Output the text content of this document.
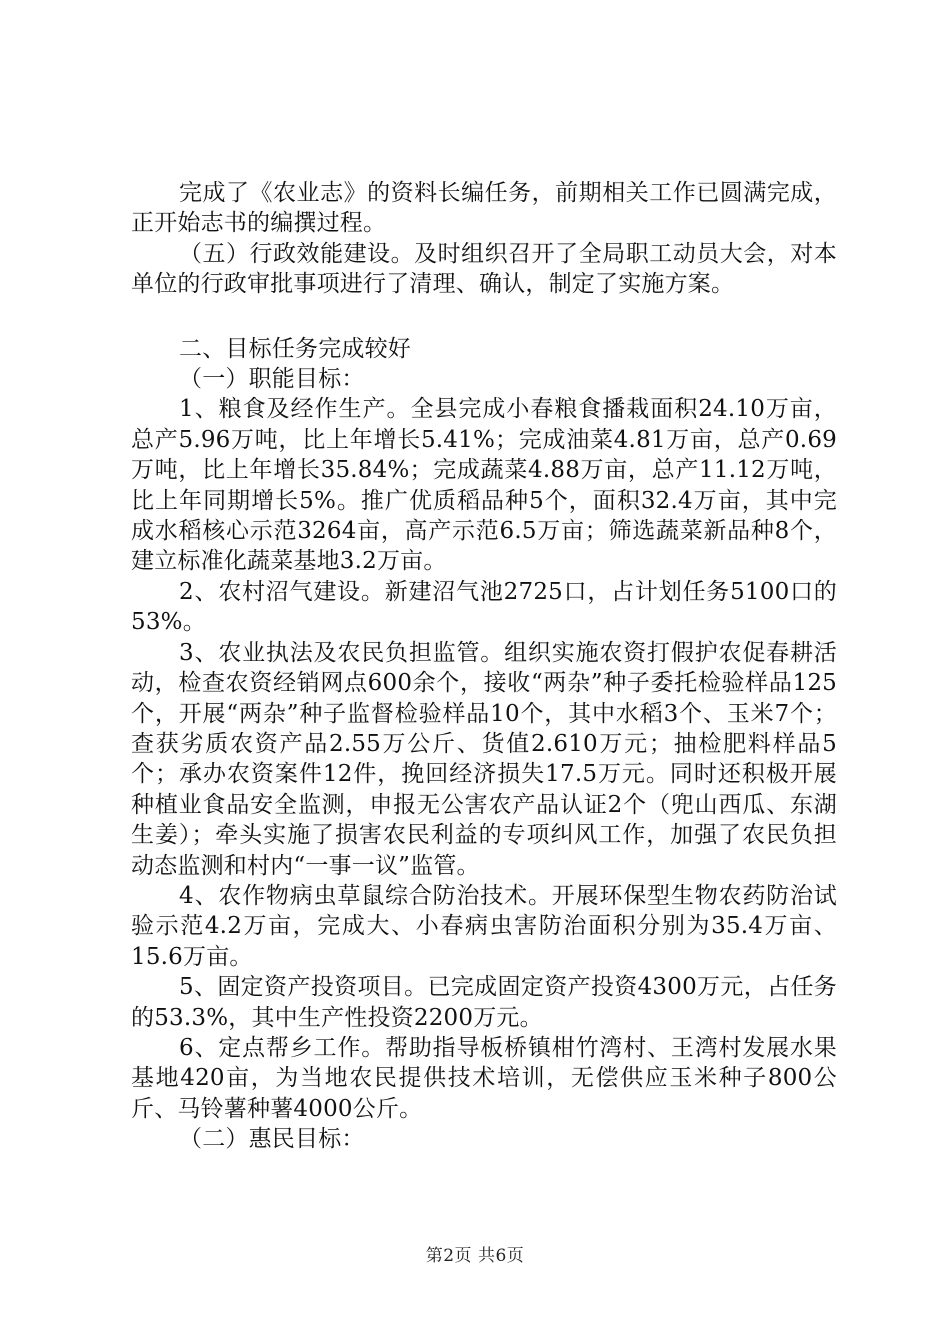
完成了《农业志》的资料长编任务，前期相关工作已圆满完成，正开始志书的编撰过程。

（五）行政效能建设。及时组织召开了全局职工动员大会，对本单位的行政审批事项进行了清理、确认，制定了实施方案。

二、目标任务完成较好

（一）职能目标：

1、粮食及经作生产。全县完成小春粮食播栽面积24.10万亩，总产5.96万吨，比上年增长5.41%；完成油菜4.81万亩，总产0.69万吨，比上年增长35.84%；完成蔬菜4.88万亩，总产11.12万吨，比上年同期增长5%。推广优质稻品种5个，面积32.4万亩，其中完成水稻核心示范3264亩，高产示范6.5万亩；筛选蔬菜新品种8个，建立标准化蔬菜基地3.2万亩。

2、农村沼气建设。新建沼气池2725口，占计划任务5100口的53%。

3、农业执法及农民负担监管。组织实施农资打假护农促春耕活动，检查农资经销网点600余个，接收“两杂”种子委托检验样品125个，开展“两杂”种子监督检验样品10个，其中水稻3个、玉米7个；查获劣质农资产品2.55万公斤、货值2.610万元；抽检肥料样品5个；承办农资案件12件，挽回经济损失17.5万元。同时还积极开展种植业食品安全监测，申报无公害农产品认证2个（兜山西瓜、东湖生姜）；牵头实施了损害农民利益的专项纠风工作，加强了农民负担动态监测和村内“一事一议”监管。

4、农作物病虫草鼠综合防治技术。开展环保型生物农药防治试验示范4.2万亩，完成大、小春病虫害防治面积分别为35.4万亩、15.6万亩。

5、固定资产投资项目。已完成固定资产投资4300万元，占任务的53.3%，其中生产性投资2200万元。

6、定点帮乡工作。帮助指导板桥镇柑竹湾村、王湾村发展水果基地420亩，为当地农民提供技术培训，无偿供应玉米种子800公斤、马铃薯种薯4000公斤。

（二）惠民目标：

第2页 共6页
